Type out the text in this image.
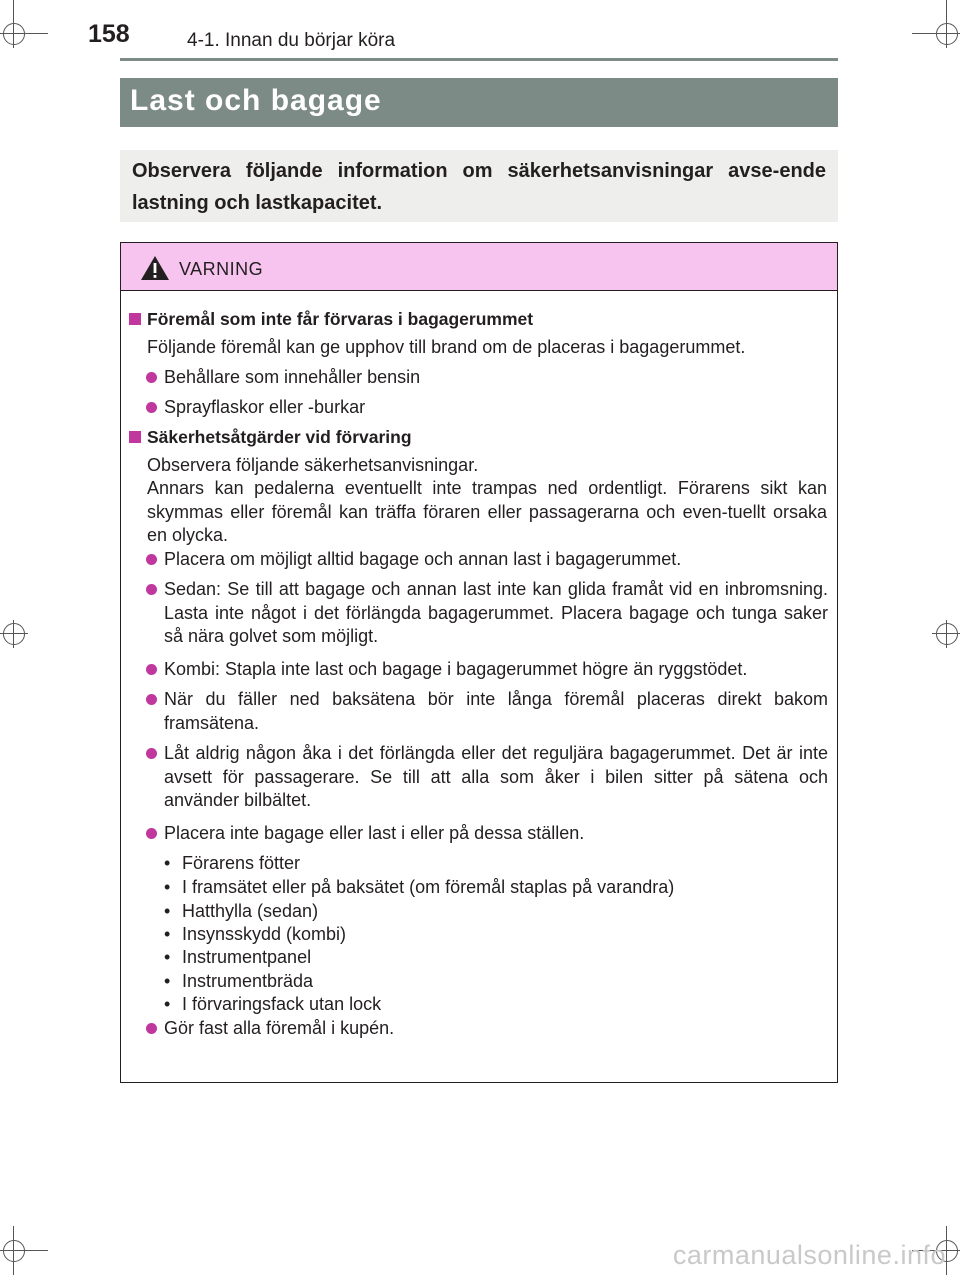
158	4-1. Innan du börjar köra
Last och bagage

Observera följande information om säkerhetsanvisningar avse-ende lastning och lastkapacitet.

VARNING
Föremål som inte får förvaras i bagagerummet
Följande föremål kan ge upphov till brand om de placeras i bagagerummet.
Behållare som innehåller bensin
Sprayflaskor eller -burkar
Säkerhetsåtgärder vid förvaring
Observera följande säkerhetsanvisningar.
Annars kan pedalerna eventuellt inte trampas ned ordentligt. Förarens sikt kan skymmas eller föremål kan träffa föraren eller passagerarna och even-tuellt orsaka en olycka.
Placera om möjligt alltid bagage och annan last i bagagerummet.
Sedan: Se till att bagage och annan last inte kan glida framåt vid en inbromsning. Lasta inte något i det förlängda bagagerummet. Placera bagage och tunga saker så nära golvet som möjligt.
Kombi: Stapla inte last och bagage i bagagerummet högre än ryggstödet.
När du fäller ned baksätena bör inte långa föremål placeras direkt bakom framsätena.
Låt aldrig någon åka i det förlängda eller det reguljära bagagerummet. Det är inte avsett för passagerare. Se till att alla som åker i bilen sitter på sätena och använder bilbältet.
Placera inte bagage eller last i eller på dessa ställen.
• Förarens fötter
• I framsätet eller på baksätet (om föremål staplas på varandra)
• Hatthylla (sedan)
• Insynsskydd (kombi)
• Instrumentpanel
• Instrumentbräda
• I förvaringsfack utan lock
Gör fast alla föremål i kupén.
carmanualsonline.info
